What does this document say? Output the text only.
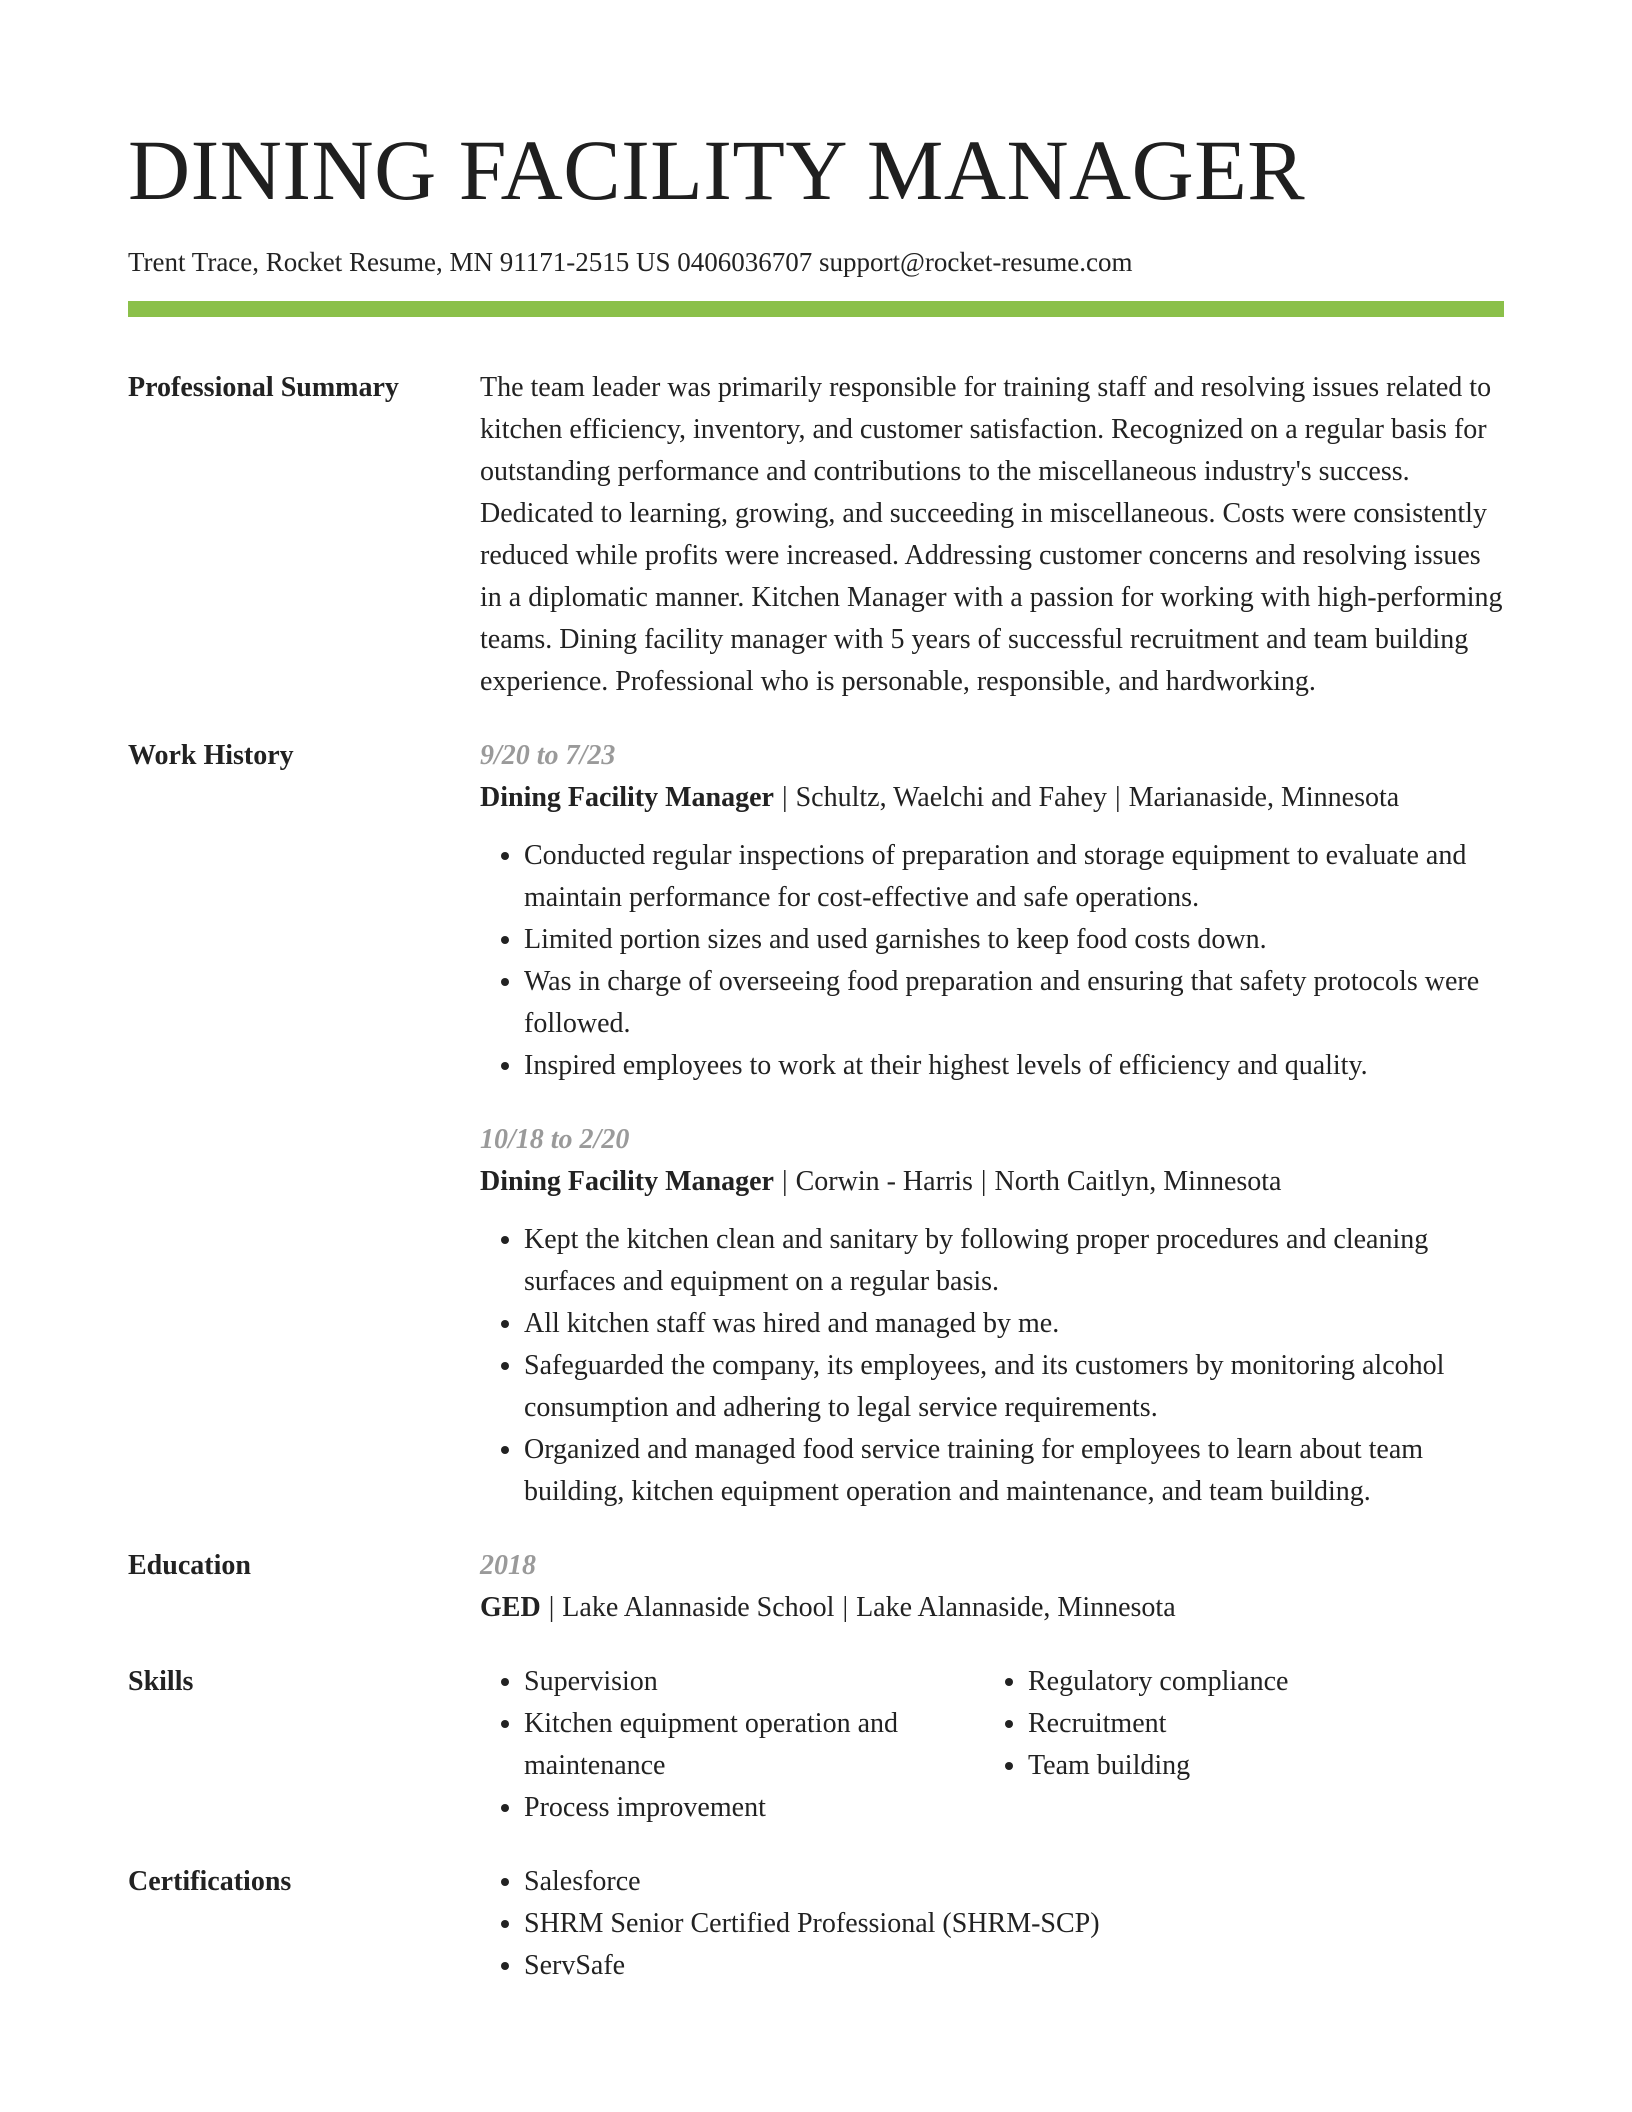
DINING FACILITY MANAGER
Trent Trace, Rocket Resume, MN 91171-2515 US 0406036707 support@rocket-resume.com
Professional Summary	The team leader was primarily responsible for training staff and resolving issues related to kitchen efficiency, inventory, and customer satisfaction. Recognized on a regular basis for outstanding performance and contributions to the miscellaneous industry's success. Dedicated to learning, growing, and succeeding in miscellaneous. Costs were consistently reduced while profits were increased. Addressing customer concerns and resolving issues in a diplomatic manner. Kitchen Manager with a passion for working with high-performing teams. Dining facility manager with 5 years of successful recruitment and team building experience. Professional who is personable, responsible, and hardworking.
Work History	9/20 to 7/23
Dining Facility Manager | Schultz, Waelchi and Fahey | Marianaside, Minnesota
• Conducted regular inspections of preparation and storage equipment to evaluate and maintain performance for cost-effective and safe operations.
• Limited portion sizes and used garnishes to keep food costs down.
• Was in charge of overseeing food preparation and ensuring that safety protocols were followed.
• Inspired employees to work at their highest levels of efficiency and quality.
10/18 to 2/20
Dining Facility Manager | Corwin - Harris | North Caitlyn, Minnesota
• Kept the kitchen clean and sanitary by following proper procedures and cleaning surfaces and equipment on a regular basis.
• All kitchen staff was hired and managed by me.
• Safeguarded the company, its employees, and its customers by monitoring alcohol consumption and adhering to legal service requirements.
• Organized and managed food service training for employees to learn about team building, kitchen equipment operation and maintenance, and team building.
Education	2018
GED | Lake Alannaside School | Lake Alannaside, Minnesota
Skills	• Supervision
• Kitchen equipment operation and maintenance
• Process improvement
• Regulatory compliance
• Recruitment
• Team building
Certifications	• Salesforce
• SHRM Senior Certified Professional (SHRM-SCP)
• ServSafe
